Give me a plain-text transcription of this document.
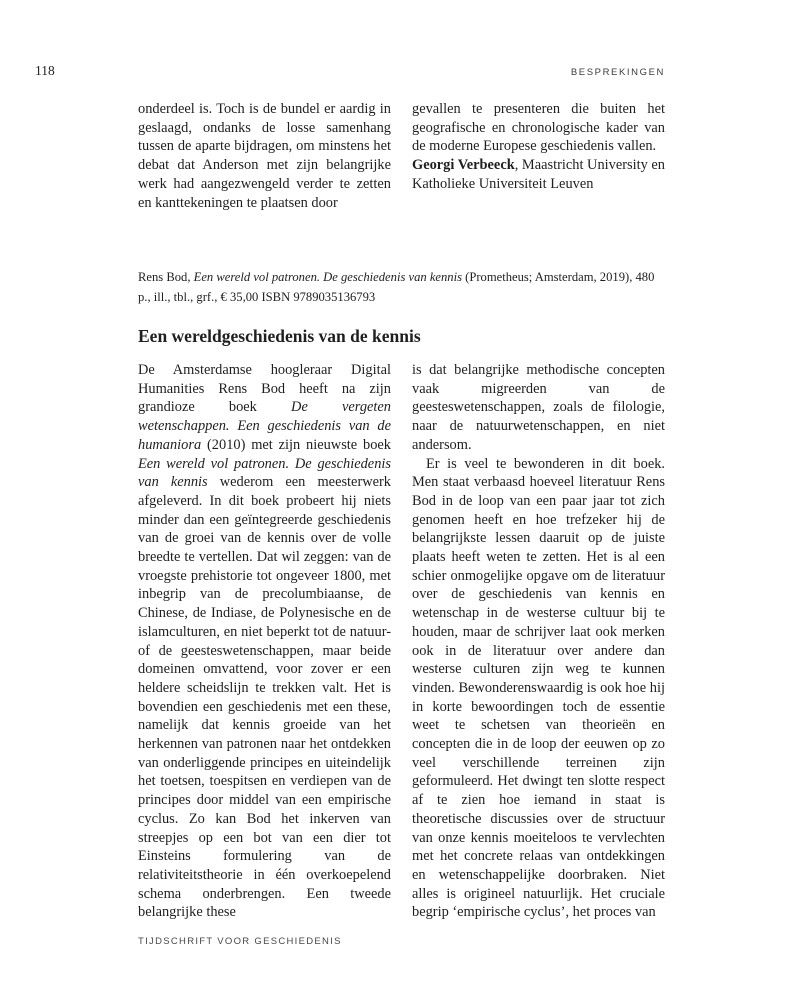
118	BESPREKINGEN

onderdeel is. Toch is de bundel er aardig in geslaagd, ondanks de losse samenhang tussen de aparte bijdragen, om minstens het debat dat Anderson met zijn belangrijke werk had aangezwengeld verder te zetten en kanttekeningen te plaatsen door

gevallen te presenteren die buiten het geografische en chronologische kader van de moderne Europese geschiedenis vallen.

Georgi Verbeeck, Maastricht University en Katholieke Universiteit Leuven

Rens Bod, Een wereld vol patronen. De geschiedenis van kennis (Prometheus; Amsterdam, 2019), 480 p., ill., tbl., grf., € 35,00 ISBN 9789035136793
Een wereldgeschiedenis van de kennis

De Amsterdamse hoogleraar Digital Humanities Rens Bod heeft na zijn grandioze boek De vergeten wetenschappen. Een geschiedenis van de humaniora (2010) met zijn nieuwste boek Een wereld vol patronen. De geschiedenis van kennis wederom een meesterwerk afgeleverd. In dit boek probeert hij niets minder dan een geïntegreerde geschiedenis van de groei van de kennis over de volle breedte te vertellen. Dat wil zeggen: van de vroegste prehistorie tot ongeveer 1800, met inbegrip van de precolumbiaanse, de Chinese, de Indiase, de Polynesische en de islamculturen, en niet beperkt tot de natuur- of de geesteswetenschappen, maar beide domeinen omvattend, voor zover er een heldere scheidslijn te trekken valt. Het is bovendien een geschiedenis met een these, namelijk dat kennis groeide van het herkennen van patronen naar het ontdekken van onderliggende principes en uiteindelijk het toetsen, toespitsen en verdiepen van de principes door middel van een empirische cyclus. Zo kan Bod het inkerven van streepjes op een bot van een dier tot Einsteins formulering van de relativiteitstheorie in één overkoepelend schema onderbrengen. Een tweede belangrijke these

is dat belangrijke methodische concepten vaak migreerden van de geesteswetenschappen, zoals de filologie, naar de natuurwetenschappen, en niet andersom.

Er is veel te bewonderen in dit boek. Men staat verbaasd hoeveel literatuur Rens Bod in de loop van een paar jaar tot zich genomen heeft en hoe trefzeker hij de belangrijkste lessen daaruit op de juiste plaats heeft weten te zetten. Het is al een schier onmogelijke opgave om de literatuur over de geschiedenis van kennis en wetenschap in de westerse cultuur bij te houden, maar de schrijver laat ook merken ook in de literatuur over andere dan westerse culturen zijn weg te kunnen vinden. Bewonderenswaardig is ook hoe hij in korte bewoordingen toch de essentie weet te schetsen van theorieën en concepten die in de loop der eeuwen op zo veel verschillende terreinen zijn geformuleerd. Het dwingt ten slotte respect af te zien hoe iemand in staat is theoretische discussies over de structuur van onze kennis moeiteloos te vervlechten met het concrete relaas van ontdekkingen en wetenschappelijke doorbraken. Niet alles is origineel natuurlijk. Het cruciale begrip ‘empirische cyclus’, het proces van

TIJDSCHRIFT VOOR GESCHIEDENIS
